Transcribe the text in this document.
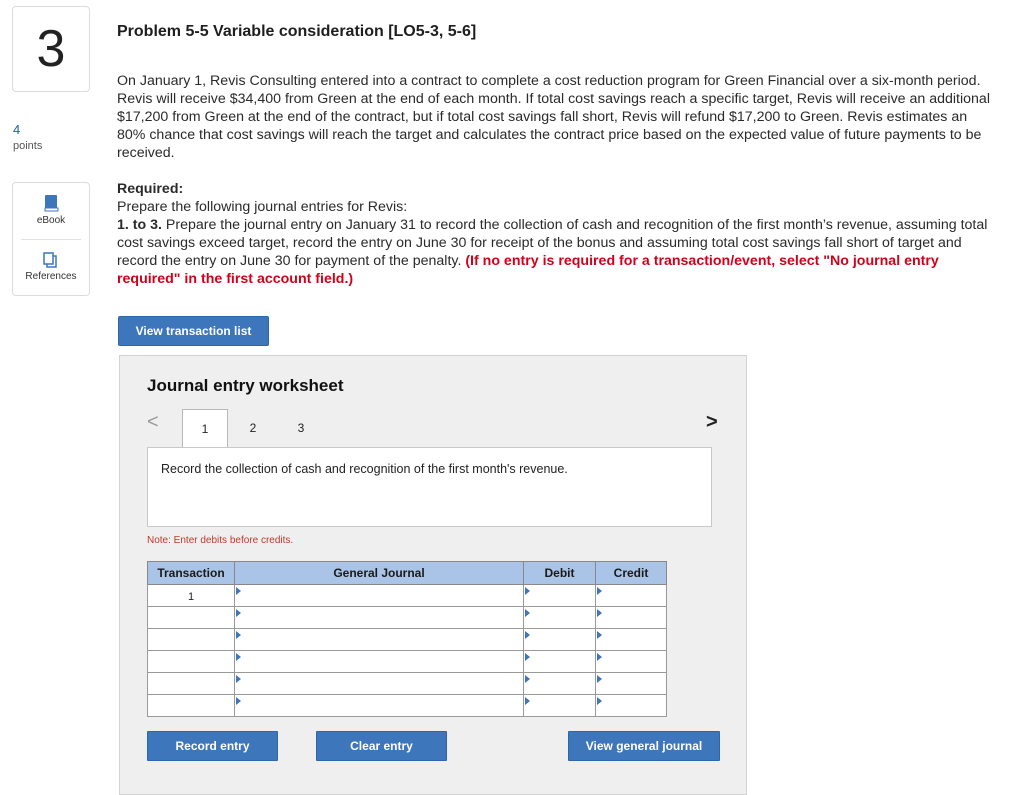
3
4
points
eBook
References
Problem 5-5 Variable consideration [LO5-3, 5-6]
On January 1, Revis Consulting entered into a contract to complete a cost reduction program for Green Financial over a six-month period. Revis will receive $34,400 from Green at the end of each month. If total cost savings reach a specific target, Revis will receive an additional $17,200 from Green at the end of the contract, but if total cost savings fall short, Revis will refund $17,200 to Green. Revis estimates an 80% chance that cost savings will reach the target and calculates the contract price based on the expected value of future payments to be received.
Required:
Prepare the following journal entries for Revis:
1. to 3. Prepare the journal entry on January 31 to record the collection of cash and recognition of the first month’s revenue, assuming total cost savings exceed target, record the entry on June 30 for receipt of the bonus and assuming total cost savings fall short of target and record the entry on June 30 for payment of the penalty. (If no entry is required for a transaction/event, select "No journal entry required" in the first account field.)
View transaction list
Journal entry worksheet
<	1	2	3	>
Record the collection of cash and recognition of the first month's revenue.
Note: Enter debits before credits.
Transaction	General Journal	Debit	Credit

1			

Record entry	Clear entry	View general journal
